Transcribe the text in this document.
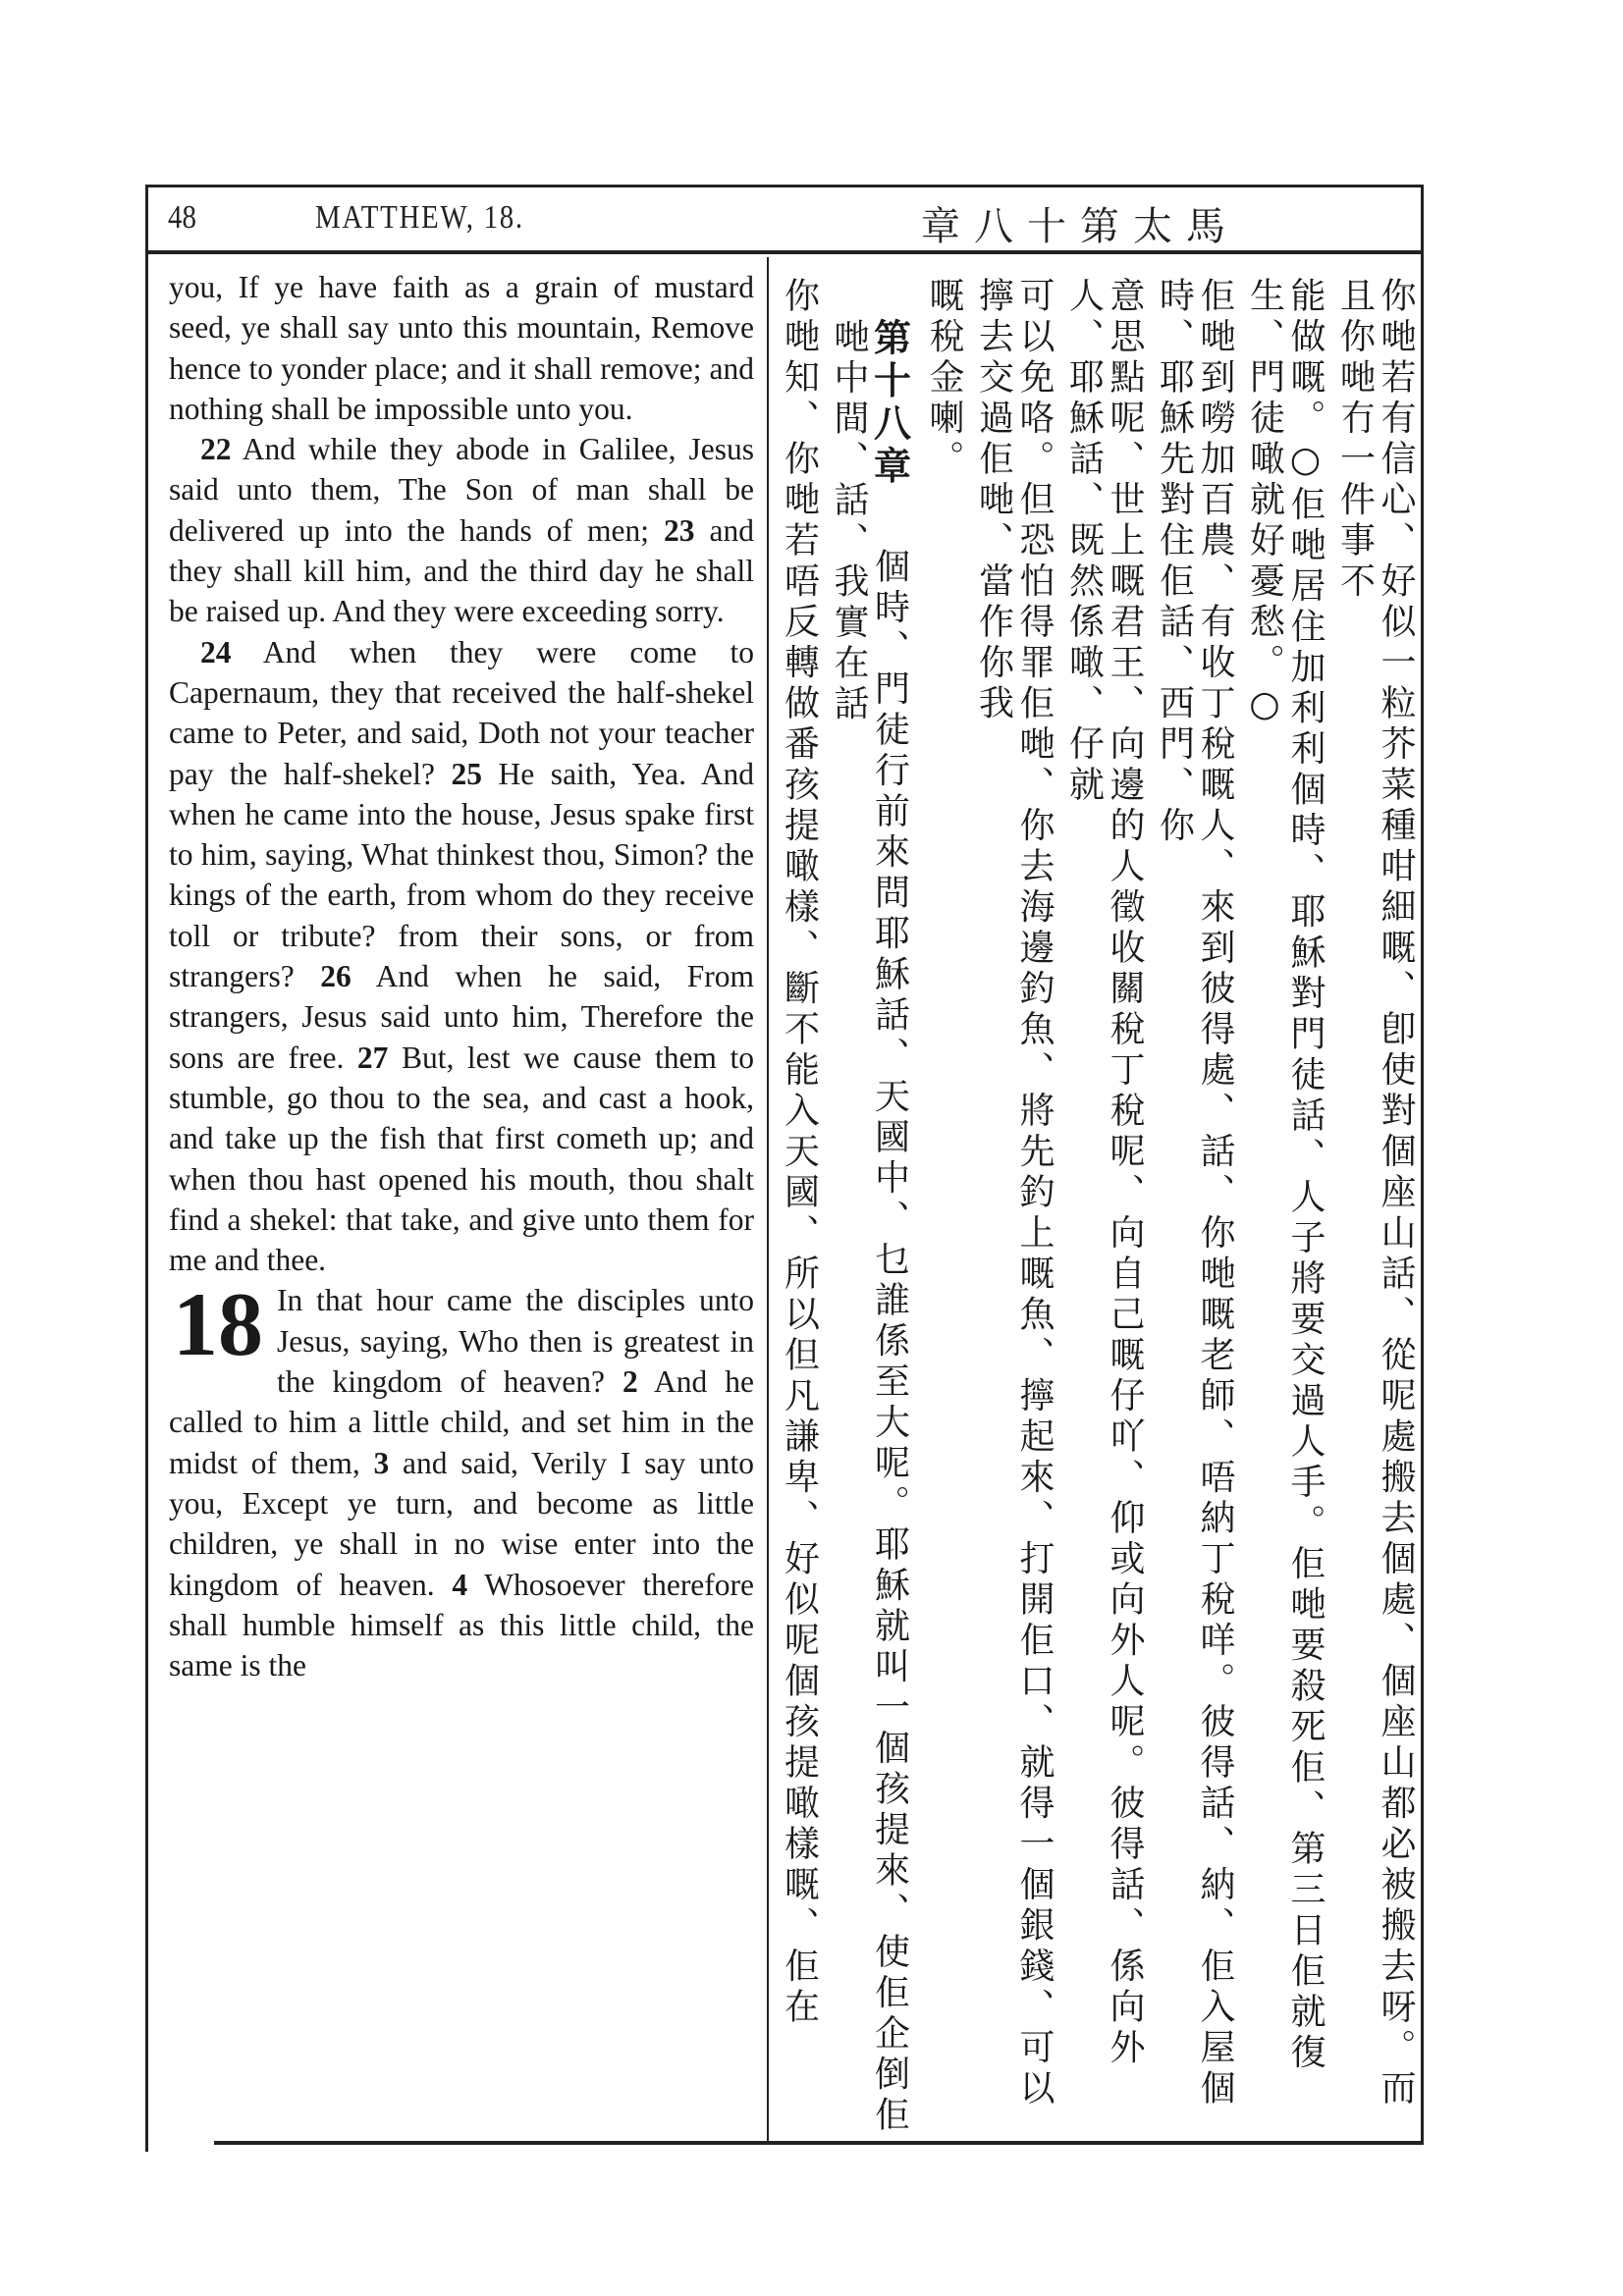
48	MATTHEW, 18.	馬太第十八章

you, If ye have faith as a grain of mustard seed, ye shall say unto this mountain, Remove hence to yonder place; and it shall remove; and nothing shall be impossible unto you.

22 And while they abode in Galilee, Jesus said unto them, The Son of man shall be delivered up into the hands of men; 23 and they shall kill him, and the third day he shall be raised up. And they were exceeding sorry.

24 And when they were come to Capernaum, they that received the half-shekel came to Peter, and said, Doth not your teacher pay the half-shekel? 25 He saith, Yea. And when he came into the house, Jesus spake first to him, saying, What thinkest thou, Simon? the kings of the earth, from whom do they receive toll or tribute? from their sons, or from strangers? 26 And when he said, From strangers, Jesus said unto him, Therefore the sons are free. 27 But, lest we cause them to stumble, go thou to the sea, and cast a hook, and take up the fish that first cometh up; and when thou hast opened his mouth, thou shalt find a shekel: that take, and give unto them for me and thee.

18 In that hour came the disciples unto Jesus, saying, Who then is greatest in the kingdom of heaven? 2 And he called to him a little child, and set him in the midst of them, 3 and said, Verily I say unto you, Except ye turn, and become as little children, ye shall in no wise enter into the kingdom of heaven. 4 Whosoever therefore shall humble himself as this little child, the same is the	你哋若有信心、好似一粒芥菜種咁細嘅、卽使對個座山話、從呢處搬去個處、個座山都必被搬去呀。而且你哋冇一件事不
能做嘅。○佢哋居住加利利個時、耶穌對門徒話、人子將要交過人手。佢哋要殺死佢、第三日佢就復生、門徒噉就好憂愁。○
佢哋到嘮加百農、有收丁稅嘅人、來到彼得處、話、你哋嘅老師、唔納丁稅咩。彼得話、納、佢入屋個時、耶穌先對住佢話、西門、你
意思點呢、世上嘅君王、向邊的人徵收關稅丁稅呢、向自己嘅仔吖、仰或向外人呢。彼得話、係向外人、耶穌話、既然係噉、仔就
可以免咯。但恐怕得罪佢哋、你去海邊釣魚、將先釣上嘅魚、擰起來、打開佢口、就得一個銀錢、可以擰去交過佢哋、當作你我
嘅稅金喇。
第十八章個時、門徒行前來問耶穌話、天國中、乜誰係至大呢。耶穌就叫一個孩提來、使佢企倒佢哋中間、話、我實在話
你哋知、你哋若唔反轉做番孩提噉樣、斷不能入天國、所以但凡謙卑、好似呢個孩提噉樣嘅、佢在
